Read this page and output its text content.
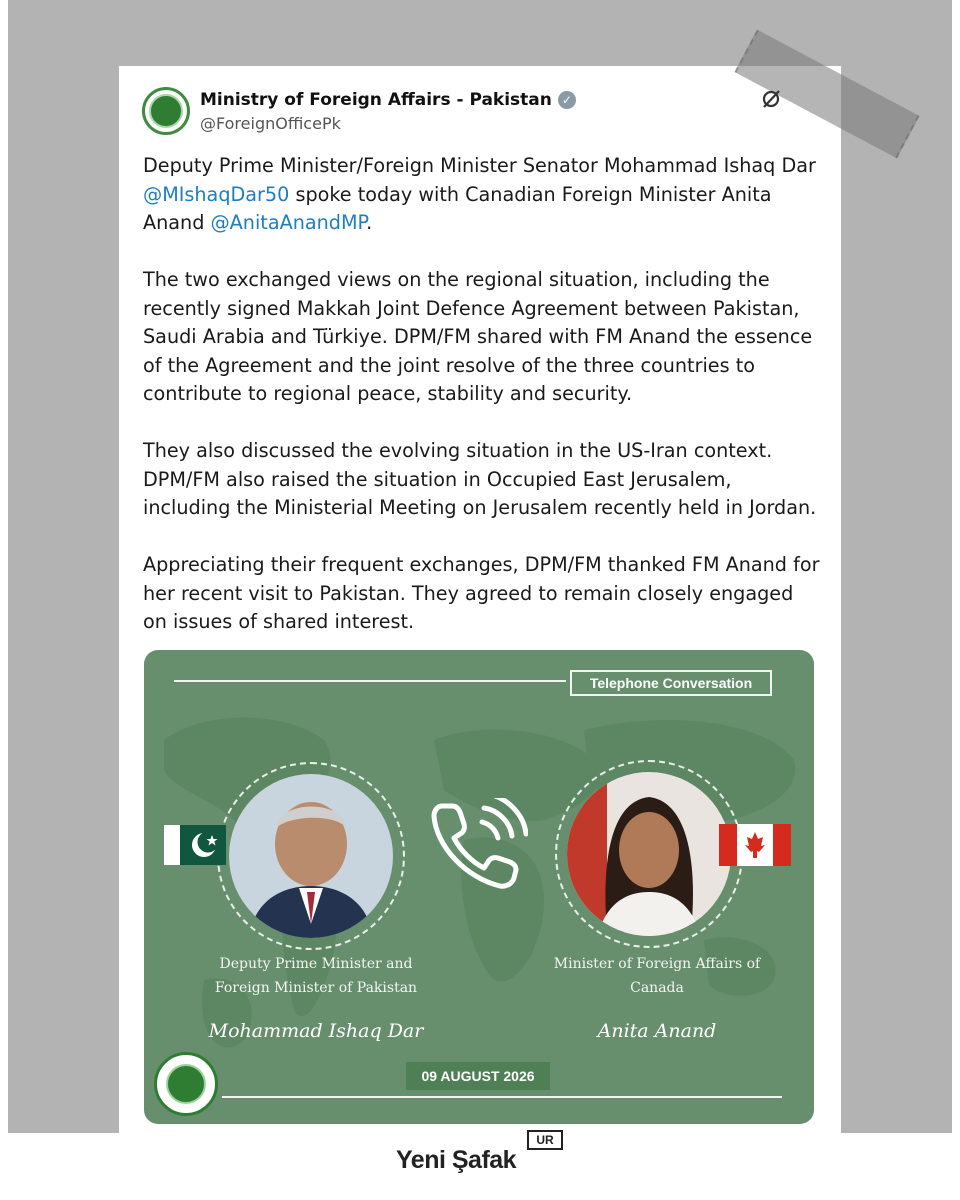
Ministry of Foreign Affairs - Pakistan ✓
@ForeignOfficePk

Deputy Prime Minister/Foreign Minister Senator Mohammad Ishaq Dar @MIshaqDar50 spoke today with Canadian Foreign Minister Anita Anand @AnitaAnandMP.

The two exchanged views on the regional situation, including the recently signed Makkah Joint Defence Agreement between Pakistan, Saudi Arabia and Türkiye. DPM/FM shared with FM Anand the essence of the Agreement and the joint resolve of the three countries to contribute to regional peace, stability and security.

They also discussed the evolving situation in the US-Iran context. DPM/FM also raised the situation in Occupied East Jerusalem, including the Ministerial Meeting on Jerusalem recently held in Jordan.

Appreciating their frequent exchanges, DPM/FM thanked FM Anand for her recent visit to Pakistan. They agreed to remain closely engaged on issues of shared interest.

Telephone Conversation
Deputy Prime Minister and Foreign Minister of Pakistan
Minister of Foreign Affairs of Canada
Mohammad Ishaq Dar	Anita Anand
09 AUGUST 2026
Yeni Şafak
UR
